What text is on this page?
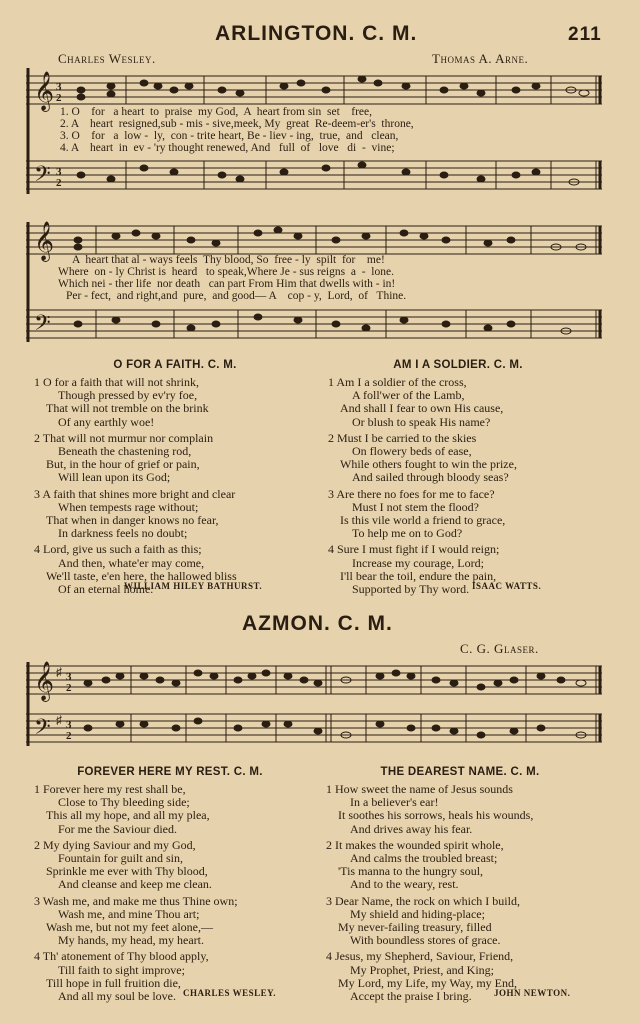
ARLINGTON. C. M.	211
Charles Wesley.	Thomas A. Arne.
𝄞
𝄢
3
2
3
2
1. O    for   a heart  to  praise  my God,  A  heart from sin  set    free,
2. A    heart  resigned,sub - mis - sive,meek, My  great  Re-deem-er's  throne,
3. O    for   a  low -  ly,  con - trite heart, Be - liev - ing,  true,  and   clean,
4. A    heart  in  ev - 'ry thought renewed, And   full  of   love   di  -  vine;
𝄞
𝄢
A  heart that al - ways feels  Thy blood, So  free - ly  spilt  for    me!
Where  on - ly Christ is  heard   to speak,Where Je - sus reigns  a  -  lone.
Which nei - ther life  nor death   can part From Him that dwells with - in!
Per - fect,  and right,and  pure,  and good— A    cop - y,  Lord,  of   Thine.
O FOR A FAITH. C. M.
1 O for a faith that will not shrink,
Though pressed by ev'ry foe,
That will not tremble on the brink
Of any earthly woe!
2 That will not murmur nor complain
Beneath the chastening rod,
But, in the hour of grief or pain,
Will lean upon its God;
3 A faith that shines more bright and clear
When tempests rage without;
That when in danger knows no fear,
In darkness feels no doubt;
4 Lord, give us such a faith as this;
And then, whate'er may come,
We'll taste, e'en here, the hallowed bliss
Of an eternal home.
WILLIAM HILEY BATHURST.
AM I A SOLDIER. C. M.
1 Am I a soldier of the cross,
A foll'wer of the Lamb,
And shall I fear to own His cause,
Or blush to speak His name?
2 Must I be carried to the skies
On flowery beds of ease,
While others fought to win the prize,
And sailed through bloody seas?
3 Are there no foes for me to face?
Must I not stem the flood?
Is this vile world a friend to grace,
To help me on to God?
4 Sure I must fight if I would reign;
Increase my courage, Lord;
I'll bear the toil, endure the pain,
Supported by Thy word. ISAAC WATTS.
AZMON. C. M.
C. G. Glaser.
𝄞
𝄢
♯
♯
3
2
3
2
FOREVER HERE MY REST. C. M.
1 Forever here my rest shall be,
Close to Thy bleeding side;
This all my hope, and all my plea,
For me the Saviour died.
2 My dying Saviour and my God,
Fountain for guilt and sin,
Sprinkle me ever with Thy blood,
And cleanse and keep me clean.
3 Wash me, and make me thus Thine own;
Wash me, and mine Thou art;
Wash me, but not my feet alone,—
My hands, my head, my heart.
4 Th' atonement of Thy blood apply,
Till faith to sight improve;
Till hope in full fruition die,
And all my soul be love. CHARLES WESLEY.
THE DEAREST NAME. C. M.
1 How sweet the name of Jesus sounds
In a believer's ear!
It soothes his sorrows, heals his wounds,
And drives away his fear.
2 It makes the wounded spirit whole,
And calms the troubled breast;
'Tis manna to the hungry soul,
And to the weary, rest.
3 Dear Name, the rock on which I build,
My shield and hiding-place;
My never-failing treasury, filled
With boundless stores of grace.
4 Jesus, my Shepherd, Saviour, Friend,
My Prophet, Priest, and King;
My Lord, my Life, my Way, my End,
Accept the praise I bring.	JOHN NEWTON.
